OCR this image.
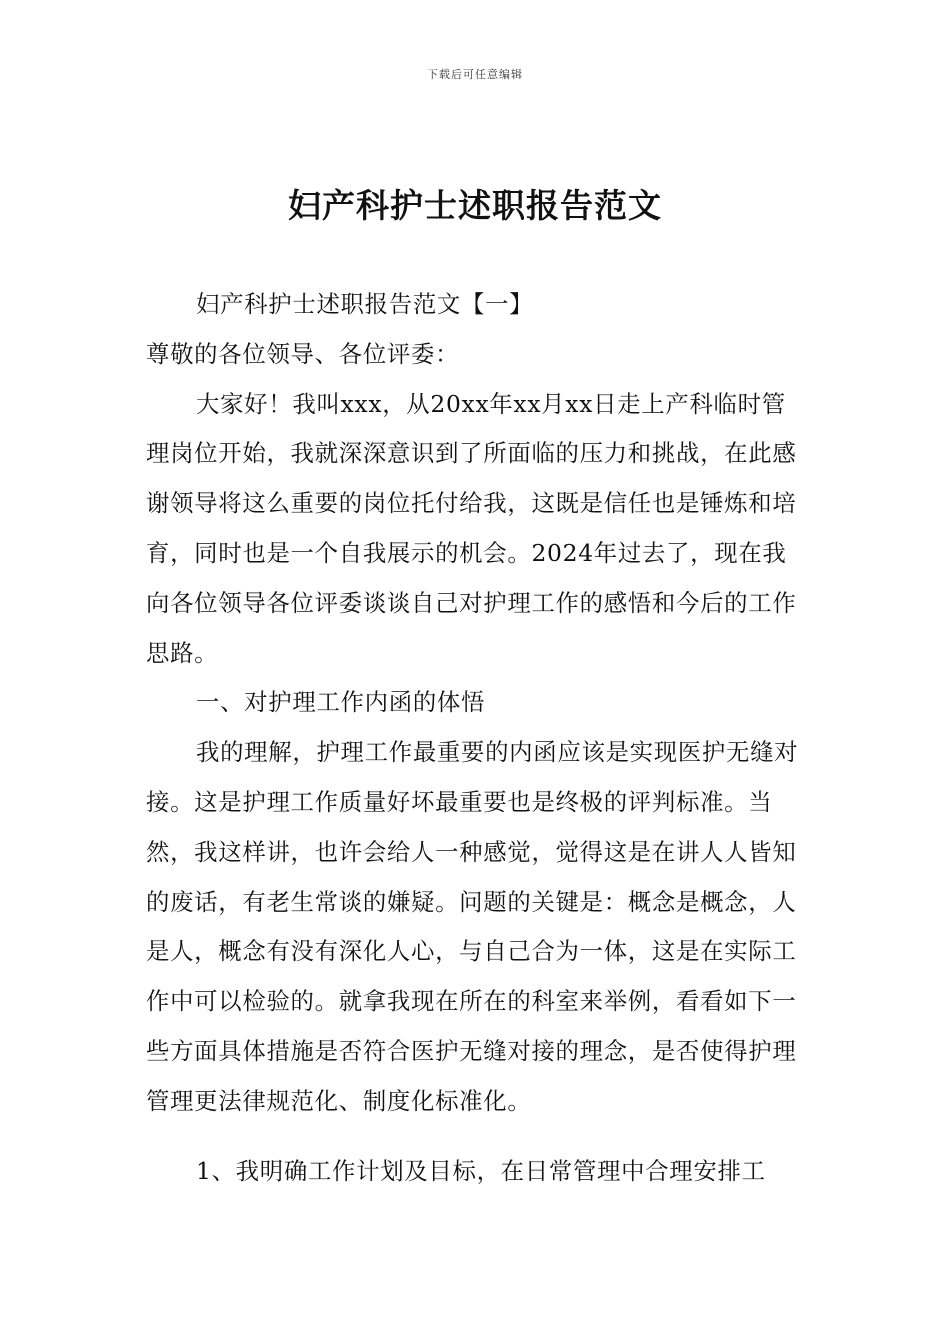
下载后可任意编辑
妇产科护士述职报告范文

妇产科护士述职报告范文【一】

尊敬的各位领导、各位评委：

大家好！我叫xxx，从20xx年xx月xx日走上产科临时管理岗位开始，我就深深意识到了所面临的压力和挑战，在此感谢领导将这么重要的岗位托付给我，这既是信任也是锤炼和培育，同时也是一个自我展示的机会。2024年过去了，现在我向各位领导各位评委谈谈自己对护理工作的感悟和今后的工作思路。

一、对护理工作内函的体悟

我的理解，护理工作最重要的内函应该是实现医护无缝对接。这是护理工作质量好坏最重要也是终极的评判标准。当然，我这样讲，也许会给人一种感觉，觉得这是在讲人人皆知的废话，有老生常谈的嫌疑。问题的关键是：概念是概念，人是人，概念有没有深化人心，与自己合为一体，这是在实际工作中可以检验的。就拿我现在所在的科室来举例，看看如下一些方面具体措施是否符合医护无缝对接的理念，是否使得护理管理更法律规范化、制度化标准化。

1、我明确工作计划及目标，在日常管理中合理安排工
